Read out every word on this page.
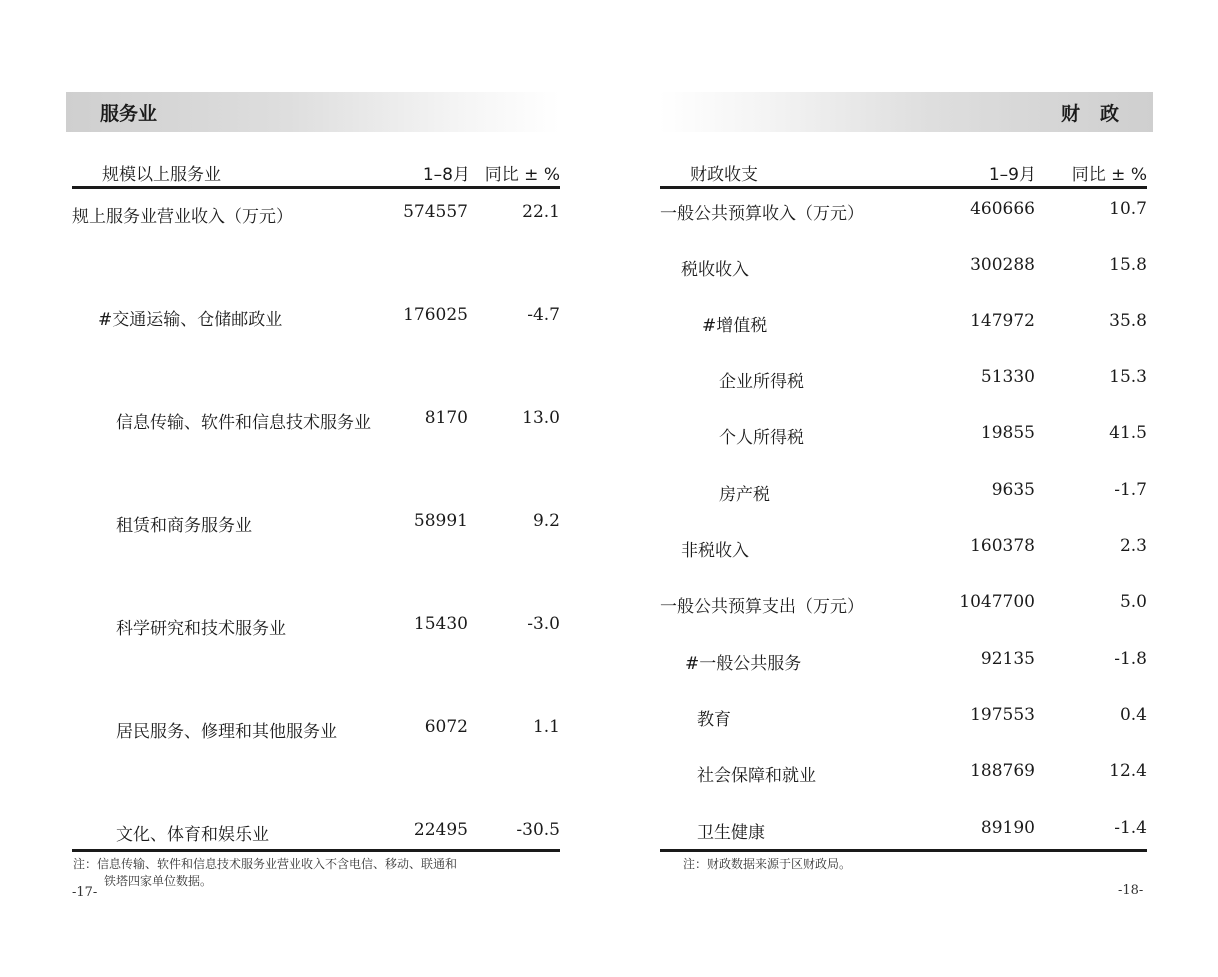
服务业
规模以上服务业	1–8月 同比 ± %
规上服务业营业收入（万元）	574557	22.1
#交通运输、仓储邮政业	176025	-4.7
信息传输、软件和信息技术服务业	8170	13.0
租赁和商务服务业	58991	9.2
科学研究和技术服务业	15430	-3.0
居民服务、修理和其他服务业	6072	1.1
文化、体育和娱乐业	22495	-30.5
注：信息传输、软件和信息技术服务业营业收入不含电信、移动、联通和
铁塔四家单位数据。
-17-
财政
财政收支	1–9月 同比 ± %
一般公共预算收入（万元）	460666	10.7
税收收入	300288	15.8
#增值税	147972	35.8
企业所得税	51330	15.3
个人所得税	19855	41.5
房产税	9635	-1.7
非税收入	160378	2.3
一般公共预算支出（万元）	1047700	5.0
#一般公共服务	92135	-1.8
教育	197553	0.4
社会保障和就业	188769	12.4
卫生健康	89190	-1.4
注：财政数据来源于区财政局。
-18-
